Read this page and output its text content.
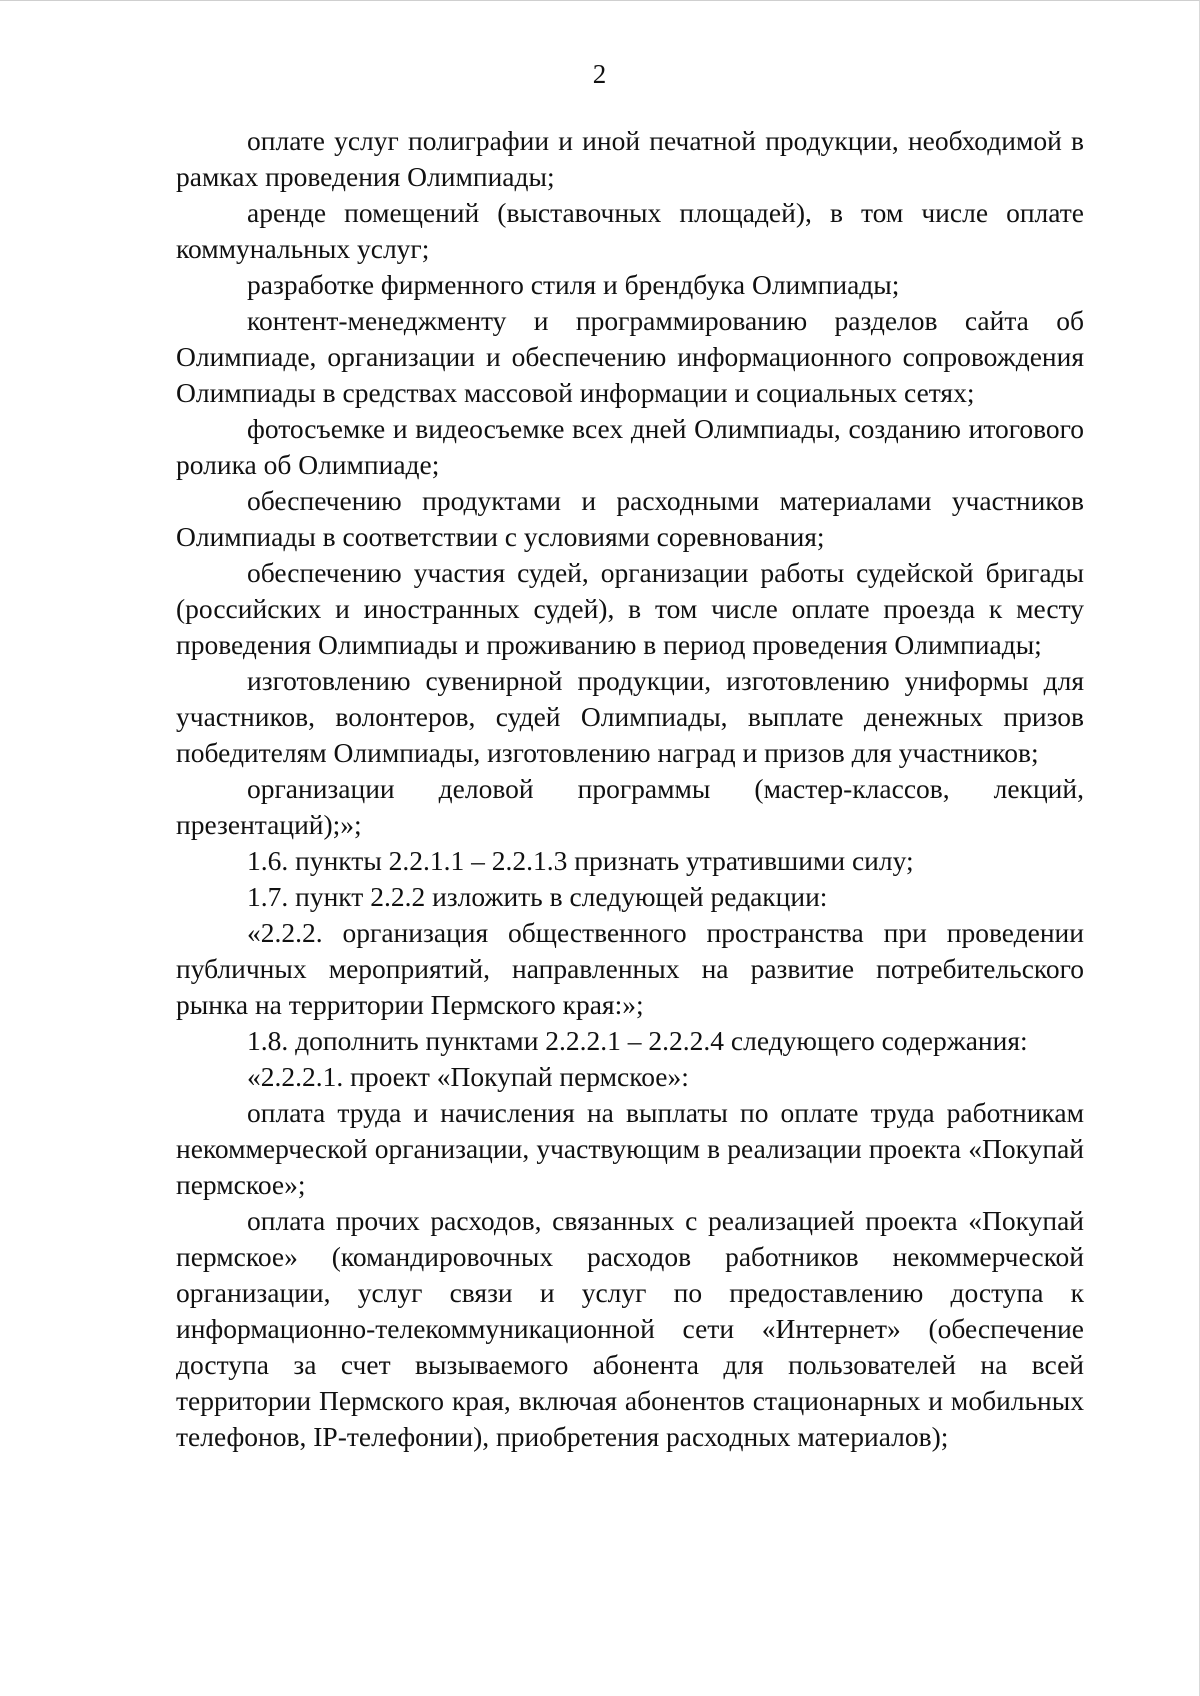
2

оплате услуг полиграфии и иной печатной продукции, необходимой в рамках проведения Олимпиады;

аренде помещений (выставочных площадей), в том числе оплате коммунальных услуг;

разработке фирменного стиля и брендбука Олимпиады;

контент-менеджменту и программированию разделов сайта об Олимпиаде, организации и обеспечению информационного сопровождения Олимпиады в средствах массовой информации и социальных сетях;

фотосъемке и видеосъемке всех дней Олимпиады, созданию итогового ролика об Олимпиаде;

обеспечению продуктами и расходными материалами участников Олимпиады в соответствии с условиями соревнования;

обеспечению участия судей, организации работы судейской бригады (российских и иностранных судей), в том числе оплате проезда к месту проведения Олимпиады и проживанию в период проведения Олимпиады;

изготовлению сувенирной продукции, изготовлению униформы для участников, волонтеров, судей Олимпиады, выплате денежных призов победителям Олимпиады, изготовлению наград и призов для участников;

организации деловой программы (мастер-классов, лекций, презентаций);»;

1.6. пункты 2.2.1.1 – 2.2.1.3 признать утратившими силу;

1.7. пункт 2.2.2 изложить в следующей редакции:

«2.2.2. организация общественного пространства при проведении публичных мероприятий, направленных на развитие потребительского рынка на территории Пермского края:»;

1.8. дополнить пунктами 2.2.2.1 – 2.2.2.4 следующего содержания:

«2.2.2.1. проект «Покупай пермское»:

оплата труда и начисления на выплаты по оплате труда работникам некоммерческой организации, участвующим в реализации проекта «Покупай пермское»;

оплата прочих расходов, связанных с реализацией проекта «Покупай пермское» (командировочных расходов работников некоммерческой организации, услуг связи и услуг по предоставлению доступа к информационно-телекоммуникационной сети «Интернет» (обеспечение доступа за счет вызываемого абонента для пользователей на всей территории Пермского края, включая абонентов стационарных и мобильных телефонов, IP-телефонии), приобретения расходных материалов);
